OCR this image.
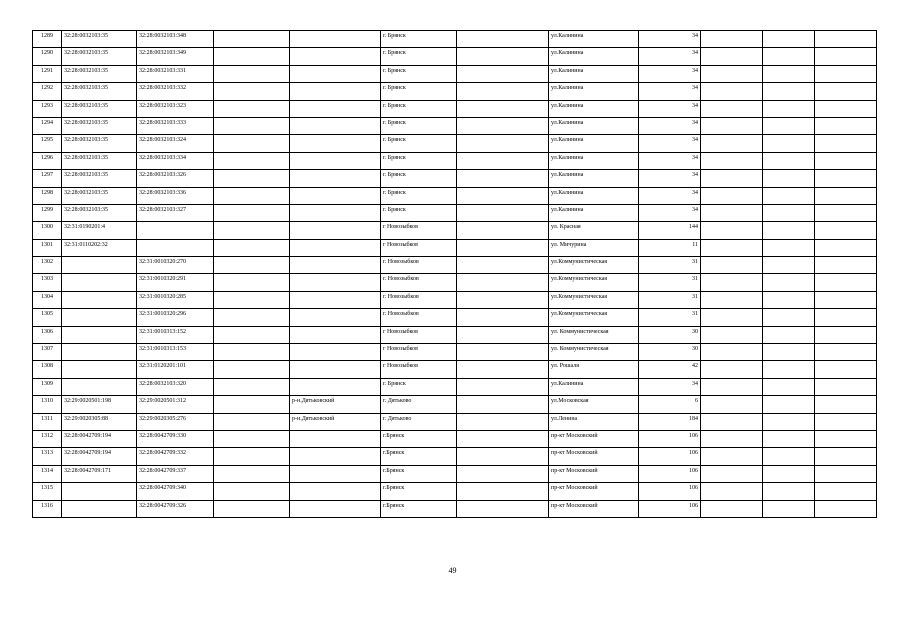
1289	32:28:0032103:35	32:28:0032103:348			г. Брянск		ул.Калинина	34			
1290	32:28:0032103:35	32:28:0032103:349			г. Брянск		ул.Калинина	34			
1291	32:28:0032103:35	32:28:0032103:331			г. Брянск		ул.Калинина	34			
1292	32:28:0032103:35	32:28:0032103:332			г. Брянск		ул.Калинина	34			
1293	32:28:0032103:35	32:28:0032103:323			г. Брянск		ул.Калинина	34			
1294	32:28:0032103:35	32:28:0032103:333			г. Брянск		ул.Калинина	34			
1295	32:28:0032103:35	32:28:0032103:324			г. Брянск		ул.Калинина	34			
1296	32:28:0032103:35	32:28:0032103:334			г. Брянск		ул.Калинина	34			
1297	32:28:0032103:35	32:28:0032103:326			г. Брянск		ул.Калинина	34			
1298	32:28:0032103:35	32:28:0032103:336			г. Брянск		ул.Калинина	34			
1299	32:28:0032103:35	32:28:0032103:327			г. Брянск		ул.Калинина	34			
1300	32:31:0190201:4				г Новозыбков		ул. Красная	144			
1301	32:31:0110202:32				г Новозыбков		ул. Мичурина	11			
1302		32:31:0010320:270			г. Новозыбков		ул.Коммунистическая	31			
1303		32:31:0010320:291			г. Новозыбков		ул.Коммунистическая	31			
1304		32:31:0010320:285			г. Новозыбков		ул.Коммунистическая	31			
1305		32:31:0010320:296			г. Новозыбков		ул.Коммунистическая	31			
1306		32:31:0010313:152			г Новозыбков		ул. Коммунистическая	30			
1307		32:31:0010313:153			г Новозыбков		ул. Коммунистическая	30			
1308		32:31:0120201:101			г Новозыбков		ул. Рошаля	42			
1309		32:28:0032103:320			г. Брянск		ул.Калинина	34			
1310	32:29:0020501:198	32:29:0020501:312		р-н.Дятьковский	г. Дятьково		ул.Московская	6			
1311	32:29:0020305:88	32:29:0020305:276		р-н.Дятьковский	г. Дятьково		ул.Ленина	184			
1312	32:28:0042709:194	32:28:0042709:330			г.Брянск		пр-кт Московский	106			
1313	32:28:0042709:194	32:28:0042709:332			г.Брянск		пр-кт Московский	106			
1314	32:28:0042709:171	32:28:0042709:337			г.Брянск		пр-кт Московский	106			
1315		32:28:0042709:340			г.Брянск		пр-кт Московский	106			
1316		32:28:0042709:326			г.Брянск		пр-кт Московский	106			
49
